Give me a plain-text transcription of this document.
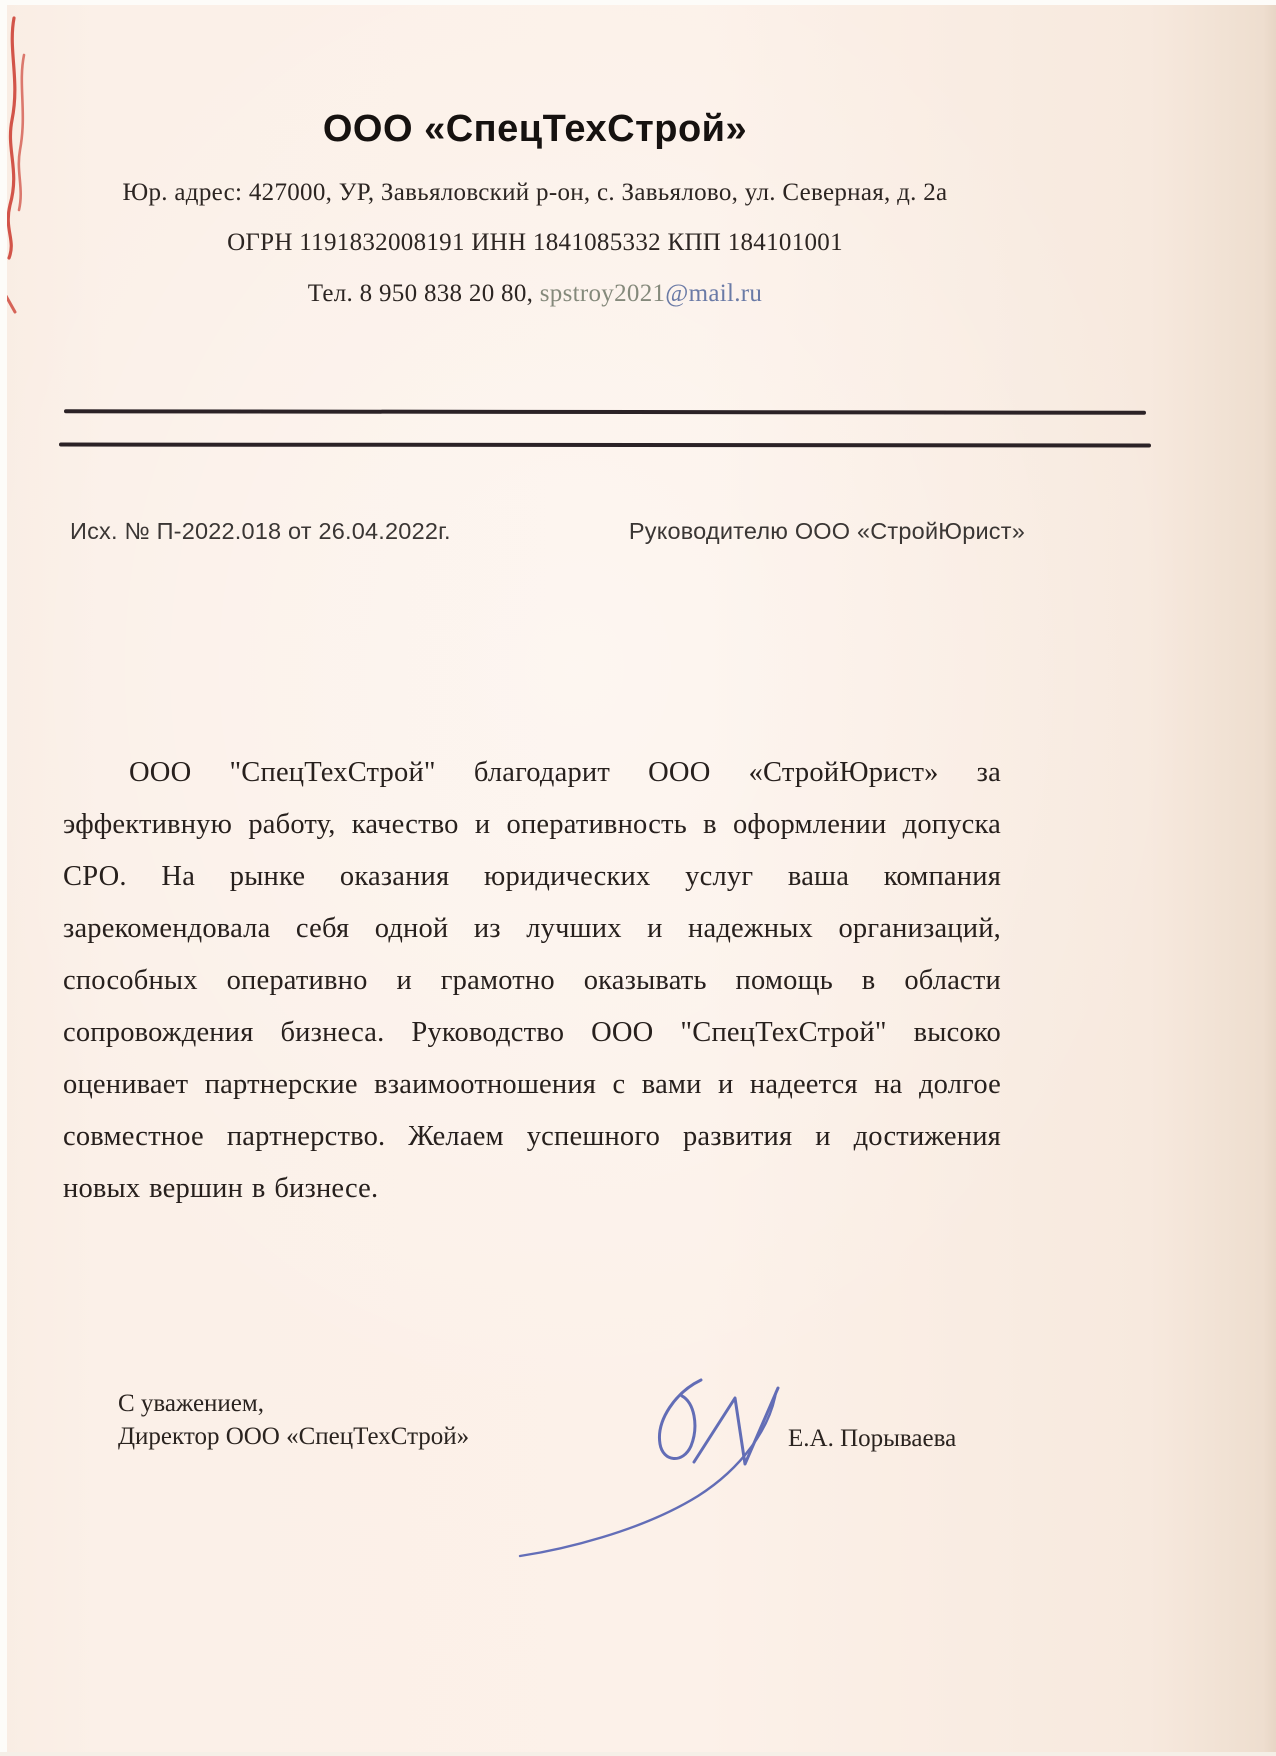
ООО «СпецТехСтрой»
Юр. адрес: 427000, УР, Завьяловский р-он, с. Завьялово, ул. Северная, д. 2а
ОГРН 1191832008191 ИНН 1841085332 КПП 184101001
Тел. 8 950 838 20 80, spstroy2021@mail.ru
Исх. № П-2022.018 от 26.04.2022г.	Руководителю ООО «СтройЮрист»
ООО "СпецТехСтрой" благодарит ООО «СтройЮрист» за эффективную работу, качество и оперативность в оформлении допуска СРО. На рынке оказания юридических услуг ваша компания зарекомендовала себя одной из лучших и надежных организаций, способных оперативно и грамотно оказывать помощь в области сопровождения бизнеса. Руководство ООО "СпецТехСтрой" высоко оценивает партнерские взаимоотношения с вами и надеется на долгое совместное партнерство. Желаем успешного развития и достижения новых вершин в бизнесе.
С уважением,
Директор ООО «СпецТехСтрой»	Е.А. Порываева
